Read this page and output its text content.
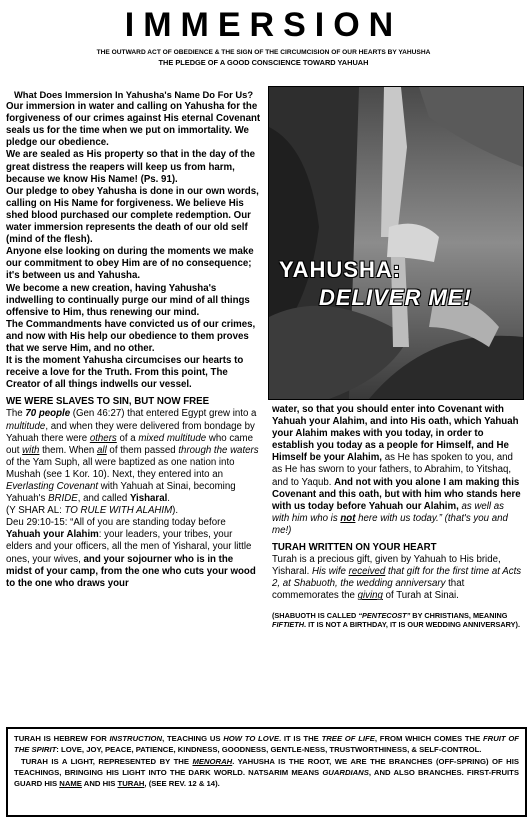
IMMERSION
THE OUTWARD ACT OF OBEDIENCE & THE SIGN OF THE CIRCUMCISION OF OUR HEARTS BY YAHUSHA
THE PLEDGE OF A GOOD CONSCIENCE TOWARD YAHUAH
What Does Immersion In Yahusha's Name Do For Us?

Our immersion in water and calling on Yahusha for the forgiveness of our crimes against His eternal Covenant seals us for the time when we put on immortality. We pledge our obedience.

We are sealed as His property so that in the day of the great distress the reapers will keep us from harm, because we know His Name! (Ps. 91).

Our pledge to obey Yahusha is done in our own words, calling on His Name for forgiveness. We believe His shed blood purchased our complete redemption. Our water immersion represents the death of our old self (mind of the flesh).

Anyone else looking on during the moments we make our commitment to obey Him are of no consequence; it's between us and Yahusha.

We become a new creation, having Yahusha's indwelling to continually purge our mind of all things offensive to Him, thus renewing our mind.

The Commandments have convicted us of our crimes, and now with His help our obedience to them proves that we serve Him, and no other.

It is the moment Yahusha circumcises our hearts to receive a love for the Truth. From this point, The Creator of all things indwells our vessel.

WE WERE SLAVES TO SIN, BUT NOW FREE

The 70 people (Gen 46:27) that entered Egypt grew into a multitude, and when they were delivered from bondage by Yahuah there were others of a mixed multitude who came out with them. When all of them passed through the waters of the Yam Suph, all were baptized as one nation into Mushah (see 1 Kor. 10). Next, they entered into an Everlasting Covenant with Yahuah at Sinai, becoming Yahuah's BRIDE, and called Yisharal.

(Y SHAR AL: TO RULE WITH ALAHIM).

Deu 29:10-15: “All of you are standing today before Yahuah your Alahim: your leaders, your tribes, your elders and your officers, all the men of Yisharal, your little ones, your wives, and your sojourner who is in the midst of your camp, from the one who cuts your wood to the one who draws your

YAHUSHA:
DELIVER ME!

water, so that you should enter into Covenant with Yahuah your Alahim, and into His oath, which Yahuah your Alahim makes with you today, in order to establish you today as a people for Himself, and He Himself be your Alahim, as He has spoken to you, and as He has sworn to your fathers, to Abrahim, to Yitshaq, and to Yaqub. And not with you alone I am making this Covenant and this oath, but with him who stands here with us today before Yahuah our Alahim, as well as with him who is not here with us today.” (that's you and me!)

TURAH WRITTEN ON YOUR HEART

Turah is a precious gift, given by Yahuah to His bride, Yisharal. His wife received that gift for the first time at Acts 2, at Shabuoth, the wedding anniversary that commemorates the giving of Turah at Sinai.

(SHABUOTH IS CALLED “PENTECOST” BY CHRISTIANS, MEANING FIFTIETH. IT IS NOT A BIRTHDAY, IT IS OUR WEDDING ANNIVERSARY).

TURAH IS HEBREW FOR INSTRUCTION, TEACHING US HOW TO LOVE. IT IS THE TREE OF LIFE, FROM WHICH COMES THE FRUIT OF THE SPIRIT: LOVE, JOY, PEACE, PATIENCE, KINDNESS, GOODNESS, GENTLE-NESS, TRUSTWORTHINESS, & SELF-CONTROL.
TURAH IS A LIGHT, REPRESENTED BY THE MENORAH. YAHUSHA IS THE ROOT, WE ARE THE BRANCHES (OFF-SPRING) OF HIS TEACHINGS, BRINGING HIS LIGHT INTO THE DARK WORLD. NATSARIM MEANS GUARDIANS, AND ALSO BRANCHES. FIRST-FRUITS GUARD HIS NAME AND HIS TURAH, (SEE REV. 12 & 14).
